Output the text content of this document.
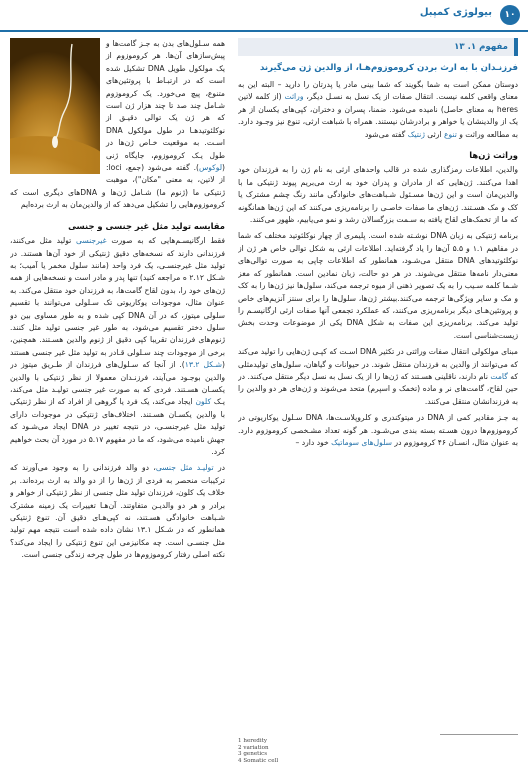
۱۰
بیولوژی کمپبل
مفهوم ۱. ۱۳
فرزنـدان با به ارث بردن کروموزوم‌هـا، از والدین ژن می‌گیرند

دوستان ممکن است به شما بگویند که شما بینی مادر یا پدرتان را دارید – البته این به معنای واقعی کلمه نیست. انتقال صفات از یک نسل به نسـل دیگر، وراثت (از کلمه لاتین heres به معنای حاصل) نامیده می‌شود. ضمنا، پسران و دختران، کپی‌های یکسان از هر یک از والدینشان یا خواهر و برادرشان نیستند. همراه با شباهت ارثی، تنوع نیز وجـود دارد. به مطالعه وراثت و تنوع ارثی ژنتیک گفته می‌شود

وراثت ژن‌ها

والدین، اطلاعات رمزگذاری شده در قالب واحدهای ارثی به نام ژن را به فرزندان خود اهدا می‌کنند. ژن‌هایی که از مادران و پدران خود به ارث می‌بریم پیوند ژنتیکی ما با والدین‌مان است و این ژن‌ها مسـئول شـباهت‌های خانوادگی مانند رنگ چشم مشترک یا کک و مک هسـتند. ژن‌های ما صفات خاصـی را برنامه‌ریزی می‌کنند که این ژن‌ها همانگونه که ما از تخمک‌های لقاح یافته به سـمت بزرگسالان رشد و نمو می‌یابیم، ظهور می‌کنند.

برنامه ژنتیکی به زبان DNA نوشـته شده است. پلیمری از چهار نوکلئوتید مختلف که شما در مفاهیم ۱.۱ و ۵.۵ آن‌ها را یاد گرفته‌اید. اطلاعات ارثی به شکل توالی خاص هر ژن از نوکلئوتیدهای DNA منتقل می‌شـود، همانطور که اطلاعات چاپی به صورت توالی‌های معنی‌دار نامه‌ها منتقل می‌شوند. در هر دو حالت، زبان نمادین است. همانطور که مغز شـما کلمه سـیب را به یک تصویر ذهنی از میوه ترجمه می‌کند، سلول‌ها نیز ژن‌ها را به کک و مک و سایر ویژگی‌ها ترجمه می‌کنند.بیشتر ژن‌ها، سلول‌ها را برای سنتز آنزیم‌های خاص و پروتئین‌هـای دیگر برنامه‌ریزی می‌کنند، که عملکرد تجمعی آنها صفات ارثی ارگانیسـم را تولید می‌کند. برنامه‌ریزی این صفات به شکل DNA یکی از موضوعات وحدت بخش زیست‌شناسی است.

مبنای مولکولی انتقال صفات وراثتی در تکثیر DNA اسـت که کپـی ژن‌هایی را تولید می‌کند که می‌توانند از والدین به فرزندان منتقل شوند. در حیوانات و گیاهان، سلول‌های تولیدمثلی که گامت نام دارند، ناقلینی هسـتند که ژن‌ها را از یک نسل به نسل دیگر منتقل می‌کنند. در حین لقاح، گامت‌های نر و ماده (تخمک و اسپرم) متحد می‌شوند و ژن‌های هر دو والدین را به فرزندانشان منتقل می‌کنند.

به جـز مقادیر کمی از DNA در میتوکندری و کلروپلاسـت‌ها، DNA سـلول یوکاریوتی در کروموزوم‌ها درون هسـته بسته بندی می‌شـود. هر گونه تعداد مشـخصی کروموزوم دارد. به عنوان مثال، انسـان ۴۶ کروموزوم در سلول‌های سوماتیک خود دارد –

1 heredity
2 variation
3 genetics
4 Somatic cell

همه سـلول‌های بدن به جـز گامت‌ها و پیش‌سازهای آن‌ها. هر کروموزوم از یک مولکول طویل DNA تشکیل شده است که در ارتبـاط با پروتئین‌های متنوع، پیچ می‌خورد. یک کروموزوم شـامل چند صد تا چند هزار ژن است که هر ژن یک توالی دقیـق از نوکلئوتیدهـا در طول مولکول DNA اسـت. به موقعیت خـاص ژن‌ها در طول یـک کروموزوم، جایگاه ژنی (لوکوس). گفته می‌شود (جمع، loci: از لاتین، به معنی "مکان")، موهبت ژنتیکی ما (ژنوم ما) شـامل ژن‌ها و DNAهای دیگری است که کروموزوم‌هایی را تشکیل می‌دهد که از والدین‌مان به ارث برده‌ایم

مقایسه تولید مثل غیر جنسی و جنسی

فقط ارگانیسـم‌هایی که به صورت غیرجنسی تولید مثل می‌کنند، فرزندانی دارند که نسخه‌های دقیق ژنتیکی از خود آن‌ها هستند. در تولید مثل غیرجنسـی، یک فرد واحد (مانند سلول مخمر یا آمیب؛ به شـکل ۲.۱۲ ه مراجعه کنید) تنها پدر و مادر است و نسخه‌هایی از همه ژن‌های خود را، بدون لقاح گامت‌ها، به فرزندان خود منتقل می‌کند. به عنوان مثال، موجودات یوکاریوتی تک سـلولی می‌توانند با تقسیم سلولی میتوز، که در آن DNA کپی شده و به طور مساوی بین دو سلول دختر تقسیم می‌شود، به طور غیر جنسی تولید مثل کنند. ژنوم‌های فرزندان تقریبا کپی دقیق از ژنوم والدین هسـتند. همچنین، برخی از موجودات چند سـلولی قـادر به تولید مثل غیر جنسی هستند (شـکل ۱۳.۲). از آنجا که سـلول‌های فرزندان از طـریق میتوز در والدین بوجـود می‌آیند، فرزنـدان معمولا از نظر ژنتیکی با والدین یکسـان هسـتند. فردی که به صورت غیر جنسی تولیـد مثل می‌کند، یـک کلون ایجاد می‌کند، یک فرد یا گروهی از افراد که از نظر ژنتیکی با والدین یکسـان هسـتند. اختلاف‌های ژنتیکی در موجودات دارای تولید مثل غیرجنسـی، در نتیجه تغییر در DNA ایجاد می‌شـود که جهش نامیده می‌شود، که ما در مفهوم ۵.۱۷ در مورد آن بحث خواهیم کرد.

در تولیـد مثل جنسی، دو والد فرزندانی را به وجود می‌آورند که ترکیبات منحصر به فردی از ژن‌ها را از دو والد به ارث برده‌اند. بر خلاف یک کلون، فرزندان تولید مثل جنسی از نظر ژنتیکی از خواهر و برادر و هر دو والدیـن متفاوتند. آن‌هـا تغییرات یک زمینه مشترک شـباهت خانوادگی هسـتند، نه کپی‌هـای دقیق آن. تنوع ژنتیکی همانطور که در شـکل ۱۳.۱ نشان داده شده است نتیجه مهم تولید مثل جنسـی است. چه مکانیزمی این تنوع ژنتیکی را ایجاد می‌کند؟ نکته اصلی رفتار کروموزوم‌ها در طول چرخه زندگی جنسی است.
